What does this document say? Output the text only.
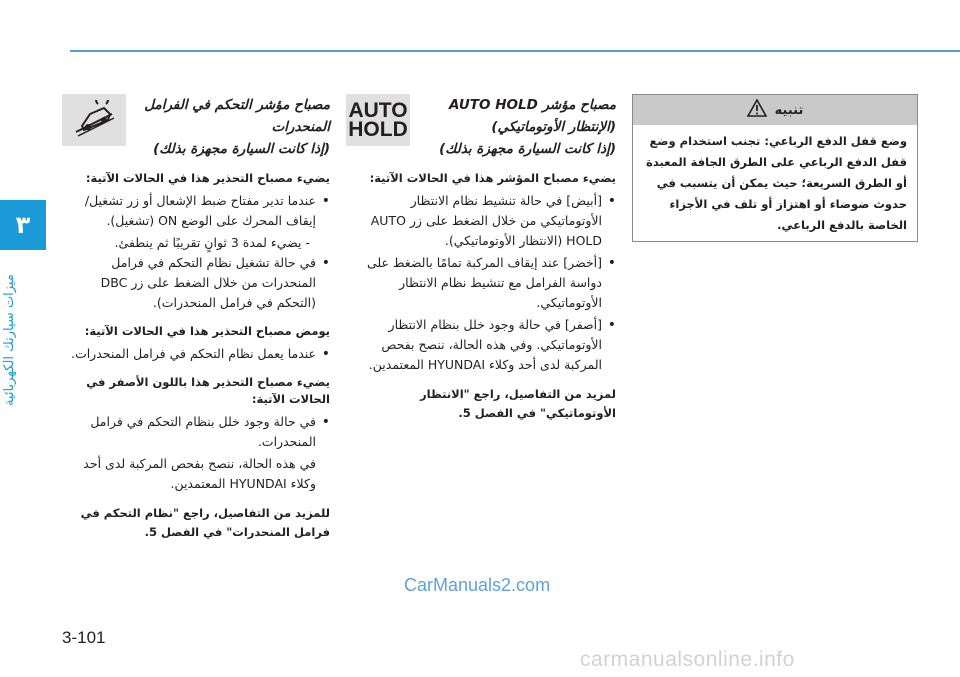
٣
ميزات سيارتك الكهربائية
مصباح مؤشر التحكم في الفرامل
المنحدرات
(إذا كانت السيارة مجهزة بذلك)
يضيء مصباح التحذير هذا في الحالات الآتية:
• عندما تدير مفتاح ضبط الإشعال أو زر تشغيل/ إيقاف المحرك على الوضع ON (تشغيل).
- يضيء لمدة 3 ثوانٍ تقريبًا ثم ينطفئ.
• في حالة تشغيل نظام التحكم في فرامل المنحدرات من خلال الضغط على زر DBC (التحكم في فرامل المنحدرات).
يومض مصباح التحذير هذا في الحالات الآتية:
• عندما يعمل نظام التحكم في فرامل المنحدرات.
يضيء مصباح التحذير هذا باللون الأصفر في الحالات الآتية:
• في حالة وجود خلل بنظام التحكم في فرامل المنحدرات.
في هذه الحالة، ننصح بفحص المركبة لدى أحد وكلاء HYUNDAI المعتمدين.
للمزيد من التفاصيل، راجع "نظام التحكم في فرامل المنحدرات" في الفصل 5.
مصباح مؤشر AUTO HOLD
(الإنتظار الأوتوماتيكي)
(إذا كانت السيارة مجهزة بذلك)
AUTO
HOLD
يضيء مصباح المؤشر هذا في الحالات الآتية:
• [أبيض] في حالة تنشيط نظام الانتظار الأوتوماتيكي من خلال الضغط على زر AUTO HOLD (الانتظار الأوتوماتيكي).
• [أخضر] عند إيقاف المركبة تمامًا بالضغط على دواسة الفرامل مع تنشيط نظام الانتظار الأوتوماتيكي.
• [أصفر] في حالة وجود خلل بنظام الانتظار الأوتوماتيكي. وفي هذه الحالة، ننصح بفحص المركبة لدى أحد وكلاء HYUNDAI المعتمدين.
لمزيد من التفاصيل، راجع "الانتظار الأوتوماتيكي" في الفصل 5.
تنبيه
وضع قفل الدفع الرباعي: تجنب استخدام وضع قفل الدفع الرباعي على الطرق الجافة المعبدة أو الطرق السريعة؛ حيث يمكن أن يتسبب في حدوث ضوضاء أو اهتزاز أو تلف في الأجزاء الخاصة بالدفع الرباعي.
CarManuals2.com
3-101
carmanualsonline.info
